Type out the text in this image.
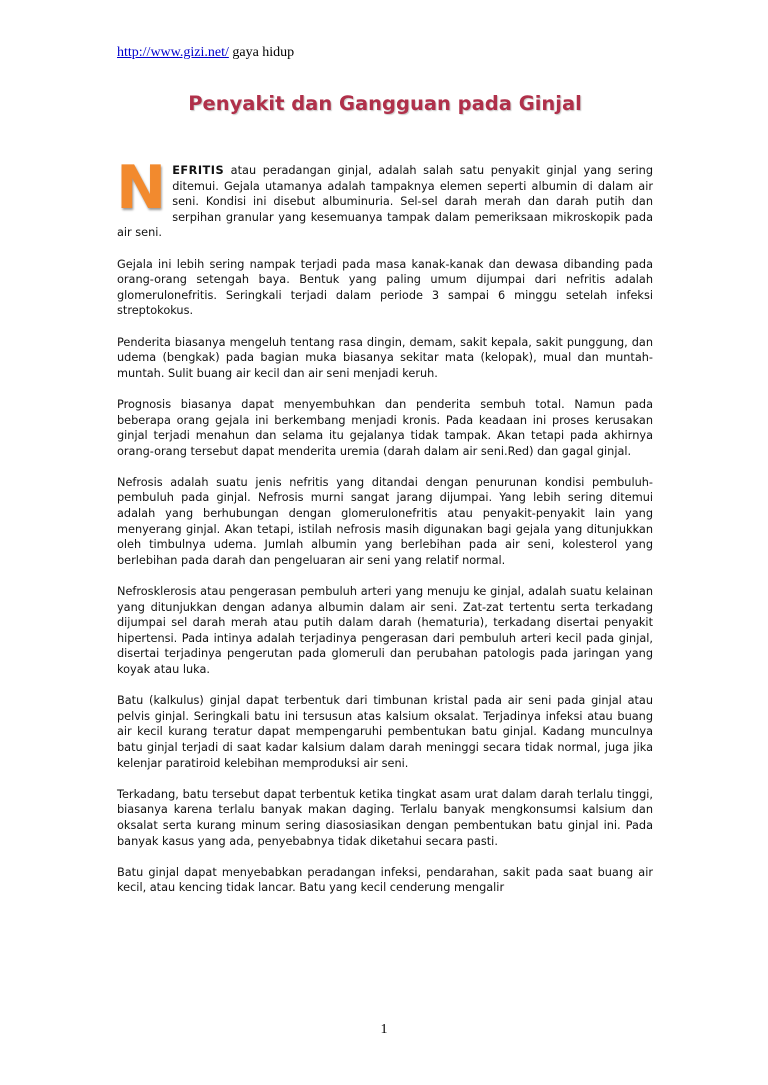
http://www.gizi.net/ gaya hidup
Penyakit dan Gangguan pada Ginjal

NEFRITIS atau peradangan ginjal, adalah salah satu penyakit ginjal yang sering ditemui. Gejala utamanya adalah tampaknya elemen seperti albumin di dalam air seni. Kondisi ini disebut albuminuria. Sel-sel darah merah dan darah putih dan serpihan granular yang kesemuanya tampak dalam pemeriksaan mikroskopik pada air seni.

Gejala ini lebih sering nampak terjadi pada masa kanak-kanak dan dewasa dibanding pada orang-orang setengah baya. Bentuk yang paling umum dijumpai dari nefritis adalah glomerulonefritis. Seringkali terjadi dalam periode 3 sampai 6 minggu setelah infeksi streptokokus.

Penderita biasanya mengeluh tentang rasa dingin, demam, sakit kepala, sakit punggung, dan udema (bengkak) pada bagian muka biasanya sekitar mata (kelopak), mual dan muntah-muntah. Sulit buang air kecil dan air seni menjadi keruh.

Prognosis biasanya dapat menyembuhkan dan penderita sembuh total. Namun pada beberapa orang gejala ini berkembang menjadi kronis. Pada keadaan ini proses kerusakan ginjal terjadi menahun dan selama itu gejalanya tidak tampak. Akan tetapi pada akhirnya orang-orang tersebut dapat menderita uremia (darah dalam air seni.Red) dan gagal ginjal.

Nefrosis adalah suatu jenis nefritis yang ditandai dengan penurunan kondisi pembuluh-pembuluh pada ginjal. Nefrosis murni sangat jarang dijumpai. Yang lebih sering ditemui adalah yang berhubungan dengan glomerulonefritis atau penyakit-penyakit lain yang menyerang ginjal. Akan tetapi, istilah nefrosis masih digunakan bagi gejala yang ditunjukkan oleh timbulnya udema. Jumlah albumin yang berlebihan pada air seni, kolesterol yang berlebihan pada darah dan pengeluaran air seni yang relatif normal.

Nefrosklerosis atau pengerasan pembuluh arteri yang menuju ke ginjal, adalah suatu kelainan yang ditunjukkan dengan adanya albumin dalam air seni. Zat-zat tertentu serta terkadang dijumpai sel darah merah atau putih dalam darah (hematuria), terkadang disertai penyakit hipertensi. Pada intinya adalah terjadinya pengerasan dari pembuluh arteri kecil pada ginjal, disertai terjadinya pengerutan pada glomeruli dan perubahan patologis pada jaringan yang koyak atau luka.

Batu (kalkulus) ginjal dapat terbentuk dari timbunan kristal pada air seni pada ginjal atau pelvis ginjal. Seringkali batu ini tersusun atas kalsium oksalat. Terjadinya infeksi atau buang air kecil kurang teratur dapat mempengaruhi pembentukan batu ginjal. Kadang munculnya batu ginjal terjadi di saat kadar kalsium dalam darah meninggi secara tidak normal, juga jika kelenjar paratiroid kelebihan memproduksi air seni.

Terkadang, batu tersebut dapat terbentuk ketika tingkat asam urat dalam darah terlalu tinggi, biasanya karena terlalu banyak makan daging. Terlalu banyak mengkonsumsi kalsium dan oksalat serta kurang minum sering diasosiasikan dengan pembentukan batu ginjal ini. Pada banyak kasus yang ada, penyebabnya tidak diketahui secara pasti.

Batu ginjal dapat menyebabkan peradangan infeksi, pendarahan, sakit pada saat buang air kecil, atau kencing tidak lancar. Batu yang kecil cenderung mengalir

1
